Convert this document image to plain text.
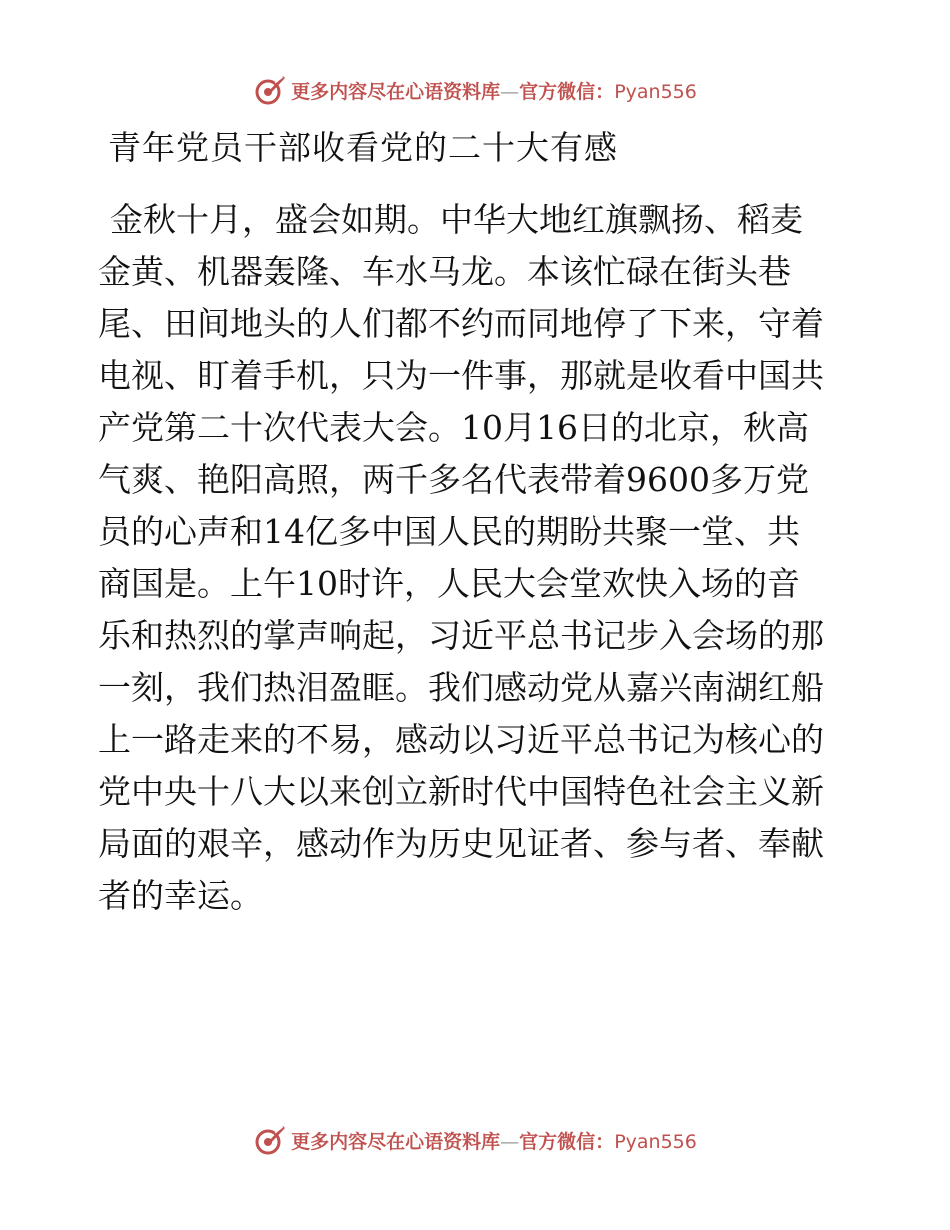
更多内容尽在心语资料库—官方微信：Pyan556
青年党员干部收看党的二十大有感
金秋十月，盛会如期。中华大地红旗飘扬、稻麦
金黄、机器轰隆、车水马龙。本该忙碌在街头巷
尾、田间地头的人们都不约而同地停了下来，守着
电视、盯着手机，只为一件事，那就是收看中国共
产党第二十次代表大会。10月16日的北京，秋高
气爽、艳阳高照，两千多名代表带着9600多万党
员的心声和14亿多中国人民的期盼共聚一堂、共
商国是。上午10时许，人民大会堂欢快入场的音
乐和热烈的掌声响起，习近平总书记步入会场的那
一刻，我们热泪盈眶。我们感动党从嘉兴南湖红船
上一路走来的不易，感动以习近平总书记为核心的
党中央十八大以来创立新时代中国特色社会主义新
局面的艰辛，感动作为历史见证者、参与者、奉献
者的幸运。
更多内容尽在心语资料库—官方微信：Pyan556
